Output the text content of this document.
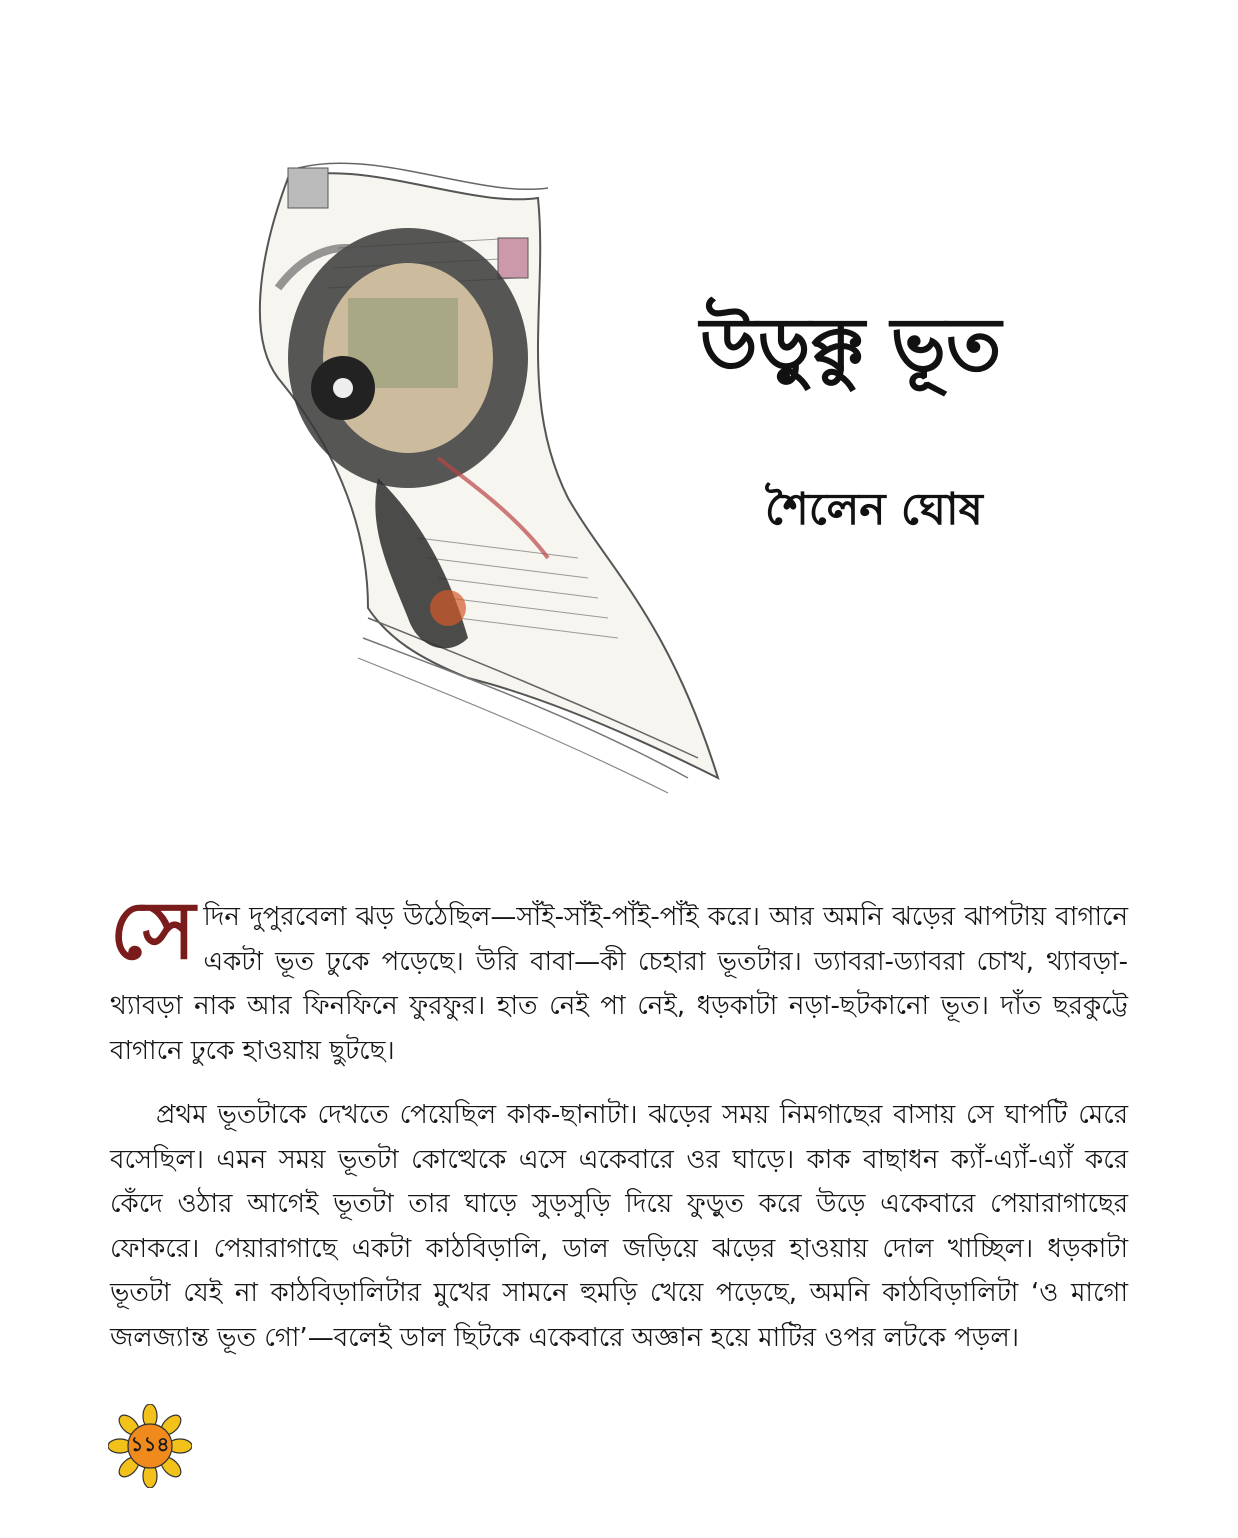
উড়ুক্কু ভূত
শৈলেন ঘোষ

সেদিন দুপুরবেলা ঝড় উঠেছিল—সাঁই-সাঁই-পাঁই-পাঁই করে। আর অমনি ঝড়ের ঝাপটায় বাগানে একটা ভূত ঢুকে পড়েছে। উরি বাবা—কী চেহারা ভূতটার। ড্যাবরা-ড্যাবরা চোখ, থ্যাবড়া-থ্যাবড়া নাক আর ফিনফিনে ফুরফুর। হাত নেই পা নেই, ধড়কাটা নড়া-ছটকানো ভূত। দাঁত ছরকুট্টে বাগানে ঢুকে হাওয়ায় ছুটছে।

প্রথম ভূতটাকে দেখতে পেয়েছিল কাক-ছানাটা। ঝড়ের সময় নিমগাছের বাসায় সে ঘাপটি মেরে বসেছিল। এমন সময় ভূতটা কোত্থেকে এসে একেবারে ওর ঘাড়ে। কাক বাছাধন ক্যাঁ-এ্যাঁ-এ্যাঁ করে কেঁদে ওঠার আগেই ভূতটা তার ঘাড়ে সুড়সুড়ি দিয়ে ফুড়ুত করে উড়ে একেবারে পেয়ারাগাছের ফোকরে। পেয়ারাগাছে একটা কাঠবিড়ালি, ডাল জড়িয়ে ঝড়ের হাওয়ায় দোল খাচ্ছিল। ধড়কাটা ভূতটা যেই না কাঠবিড়ালিটার মুখের সামনে হুমড়ি খেয়ে পড়েছে, অমনি কাঠবিড়ালিটা ‘ও মাগো জলজ্যান্ত ভূত গো’—বলেই ডাল ছিটকে একেবারে অজ্ঞান হয়ে মাটির ওপর লটকে পড়ল।

১১৪
